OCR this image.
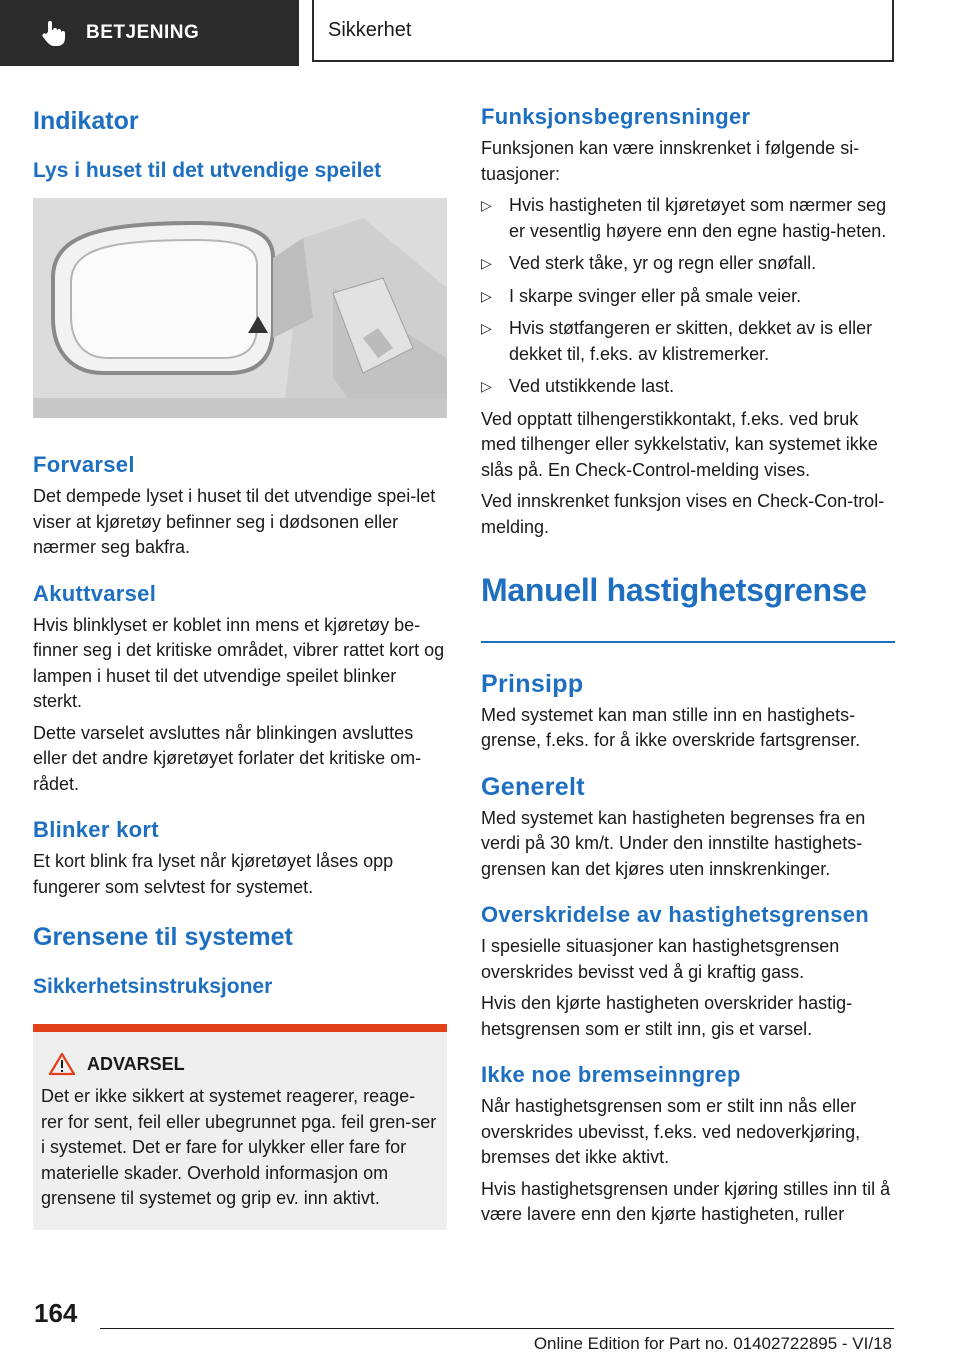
BETJENING	Sikkerhet
Indikator
Lys i huset til det utvendige speilet
Forvarsel

Det dempede lyset i huset til det utvendige spei-let viser at kjøretøy befinner seg i dødsonen eller nærmer seg bakfra.

Akuttvarsel

Hvis blinklyset er koblet inn mens et kjøretøy be-finner seg i det kritiske området, vibrer rattet kort og lampen i huset til det utvendige speilet blinker sterkt.

Dette varselet avsluttes når blinkingen avsluttes eller det andre kjøretøyet forlater det kritiske om-rådet.

Blinker kort

Et kort blink fra lyset når kjøretøyet låses opp fungerer som selvtest for systemet.

Grensene til systemet
Sikkerhetsinstruksjoner
ADVARSEL

Det er ikke sikkert at systemet reagerer, reage-rer for sent, feil eller ubegrunnet pga. feil gren-ser i systemet. Det er fare for ulykker eller fare for materielle skader. Overhold informasjon om grensene til systemet og grip ev. inn aktivt.

Funksjonsbegrensninger

Funksjonen kan være innskrenket i følgende si-tuasjoner:

▷ Hvis hastigheten til kjøretøyet som nærmer seg er vesentlig høyere enn den egne hastig-heten.
▷ Ved sterk tåke, yr og regn eller snøfall.
▷ I skarpe svinger eller på smale veier.
▷ Hvis støtfangeren er skitten, dekket av is eller dekket til, f.eks. av klistremerker.
▷ Ved utstikkende last.

Ved opptatt tilhengerstikkontakt, f.eks. ved bruk med tilhenger eller sykkelstativ, kan systemet ikke slås på. En Check-Control-melding vises.

Ved innskrenket funksjon vises en Check-Con-trol-melding.

Manuell hastighetsgrense
Prinsipp

Med systemet kan man stille inn en hastighets-grense, f.eks. for å ikke overskride fartsgrenser.

Generelt

Med systemet kan hastigheten begrenses fra en verdi på 30 km/t. Under den innstilte hastighets-grensen kan det kjøres uten innskrenkinger.

Overskridelse av hastighetsgrensen

I spesielle situasjoner kan hastighetsgrensen overskrides bevisst ved å gi kraftig gass.

Hvis den kjørte hastigheten overskrider hastig-hetsgrensen som er stilt inn, gis et varsel.

Ikke noe bremseinngrep

Når hastighetsgrensen som er stilt inn nås eller overskrides ubevisst, f.eks. ved nedoverkjøring, bremses det ikke aktivt.

Hvis hastighetsgrensen under kjøring stilles inn til å være lavere enn den kjørte hastigheten, ruller

164
Online Edition for Part no. 01402722895 - VI/18
